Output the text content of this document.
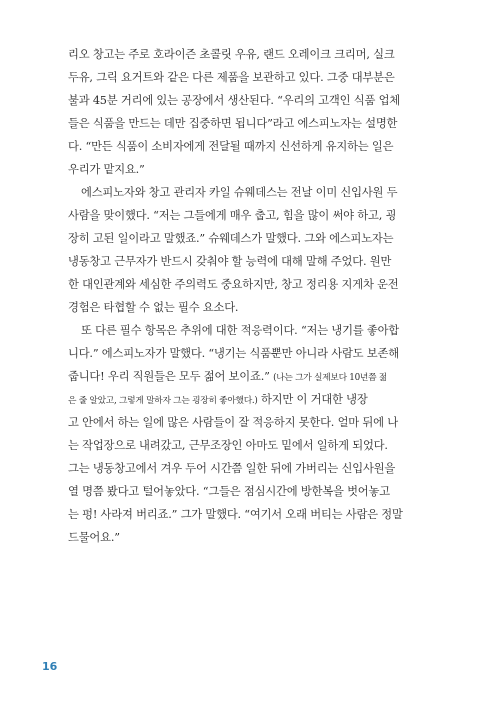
리오 창고는 주로 호라이즌 초콜릿 우유, 랜드 오레이크 크리머, 실크
두유, 그릭 요거트와 같은 다른 제품을 보관하고 있다. 그중 대부분은
불과 45분 거리에 있는 공장에서 생산된다. “우리의 고객인 식품 업체
들은 식품을 만드는 데만 집중하면 됩니다”라고 에스피노자는 설명한
다. “만든 식품이 소비자에게 전달될 때까지 신선하게 유지하는 일은
우리가 맡지요.”
에스피노자와 창고 관리자 카일 슈웨데스는 전날 이미 신입사원 두
사람을 맞이했다. “저는 그들에게 매우 춥고, 힘을 많이 써야 하고, 굉
장히 고된 일이라고 말했죠.” 슈웨데스가 말했다. 그와 에스피노자는
냉동창고 근무자가 반드시 갖춰야 할 능력에 대해 말해 주었다. 원만
한 대인관계와 세심한 주의력도 중요하지만, 창고 정리용 지게차 운전
경험은 타협할 수 없는 필수 요소다.
또 다른 필수 항목은 추위에 대한 적응력이다. “저는 냉기를 좋아합
니다.” 에스피노자가 말했다. “냉기는 식품뿐만 아니라 사람도 보존해
줍니다! 우리 직원들은 모두 젊어 보이죠.” (나는 그가 실제보다 10년쯤 젊
은 줄 알았고, 그렇게 말하자 그는 굉장히 좋아했다.) 하지만 이 거대한 냉장
고 안에서 하는 일에 많은 사람들이 잘 적응하지 못한다. 얼마 뒤에 나
는 작업장으로 내려갔고, 근무조장인 아마도 밑에서 일하게 되었다.
그는 냉동창고에서 겨우 두어 시간쯤 일한 뒤에 가버리는 신입사원을
열 명쯤 봤다고 털어놓았다. “그들은 점심시간에 방한복을 벗어놓고
는 펑! 사라져 버리죠.” 그가 말했다. “여기서 오래 버티는 사람은 정말
드물어요.”
16
